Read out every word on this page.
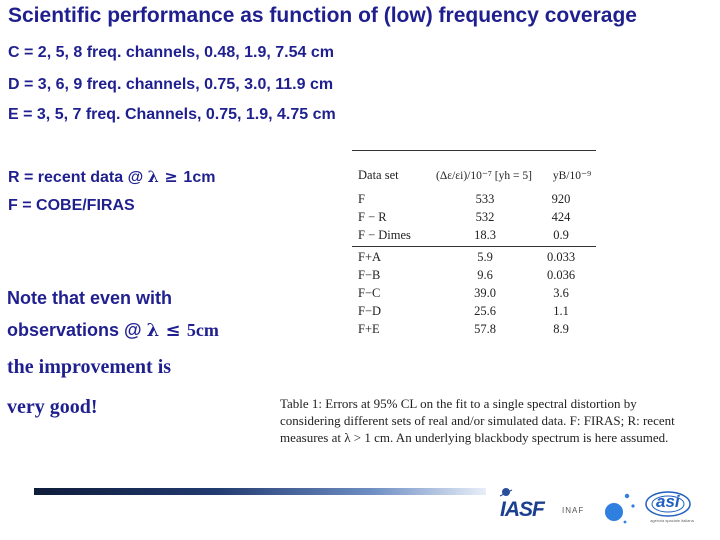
Scientific performance as function of (low) frequency coverage
C = 2, 5, 8 freq. channels, 0.48, 1.9, 7.54 cm
D = 3, 6, 9 freq. channels, 0.75, 3.0, 11.9 cm
E = 3, 5, 7 freq. Channels, 0.75, 1.9, 4.75 cm
R = recent data @ λ ≥ 1cm
F = COBE/FIRAS
Note that even with
observations @ λ ≤ 5cm
the improvement is
very good!
Data set	(Δε/εi)/10⁻⁷ [yh = 5]	yB/10⁻⁹
F	533	920
F − R	532	424
F − Dimes	18.3	0.9
F+A	5.9	0.033
F−B	9.6	0.036
F−C	39.0	3.6
F−D	25.6	1.1
F+E	57.8	8.9
Table 1: Errors at 95% CL on the fit to a single spectral distortion by
considering different sets of real and/or simulated data. F: FIRAS; R: recent
measures at λ > 1 cm. An underlying blackbody spectrum is here assumed.
IASF INAF	asi
agenzia spaziale italiana
